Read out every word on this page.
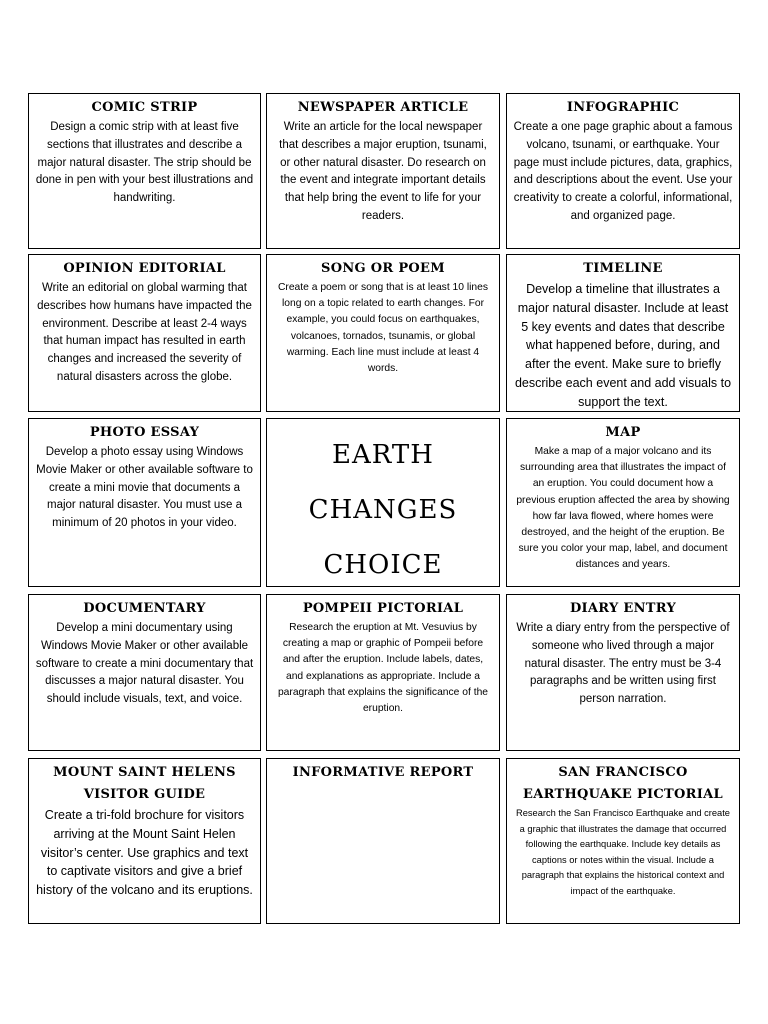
COMIC STRIP

Design a comic strip with at least five sections that illustrates and describe a major natural disaster. The strip should be done in pen with your best illustrations and handwriting.

NEWSPAPER ARTICLE

Write an article for the local newspaper that describes a major eruption, tsunami, or other natural disaster. Do research on the event and integrate important details that help bring the event to life for your readers.

INFOGRAPHIC

Create a one page graphic about a famous volcano, tsunami, or earthquake. Your page must include pictures, data, graphics, and descriptions about the event. Use your creativity to create a colorful, informational, and organized page.

OPINION EDITORIAL

Write an editorial on global warming that describes how humans have impacted the environment. Describe at least 2-4 ways that human impact has resulted in earth changes and increased the severity of natural disasters across the globe.

SONG OR POEM

Create a poem or song that is at least 10 lines long on a topic related to earth changes. For example, you could focus on earthquakes, volcanoes, tornados, tsunamis, or global warming. Each line must include at least 4 words.

TIMELINE

Develop a timeline that illustrates a major natural disaster. Include at least 5 key events and dates that describe what happened before, during, and after the event. Make sure to briefly describe each event and add visuals to support the text.

PHOTO ESSAY

Develop a photo essay using Windows Movie Maker or other available software to create a mini movie that documents a major natural disaster. You must use a minimum of 20 photos in your video.

EARTH
CHANGES
CHOICE
MAP

Make a map of a major volcano and its surrounding area that illustrates the impact of an eruption. You could document how a previous eruption affected the area by showing how far lava flowed, where homes were destroyed, and the height of the eruption. Be sure you color your map, label, and document distances and years.

DOCUMENTARY

Develop a mini documentary using Windows Movie Maker or other available software to create a mini documentary that discusses a major natural disaster. You should include visuals, text, and voice.

POMPEII PICTORIAL

Research the eruption at Mt. Vesuvius by creating a map or graphic of Pompeii before and after the eruption. Include labels, dates, and explanations as appropriate. Include a paragraph that explains the significance of the eruption.

DIARY ENTRY

Write a diary entry from the perspective of someone who lived through a major natural disaster. The entry must be 3-4 paragraphs and be written using first person narration.

MOUNT SAINT HELENS VISITOR GUIDE

Create a tri-fold brochure for visitors arriving at the Mount Saint Helen visitor’s center. Use graphics and text to captivate visitors and give a brief history of the volcano and its eruptions.

INFORMATIVE REPORT	SAN FRANCISCO EARTHQUAKE PICTORIAL

Research the San Francisco Earthquake and create a graphic that illustrates the damage that occurred following the earthquake. Include key details as captions or notes within the visual. Include a paragraph that explains the historical context and impact of the earthquake.
